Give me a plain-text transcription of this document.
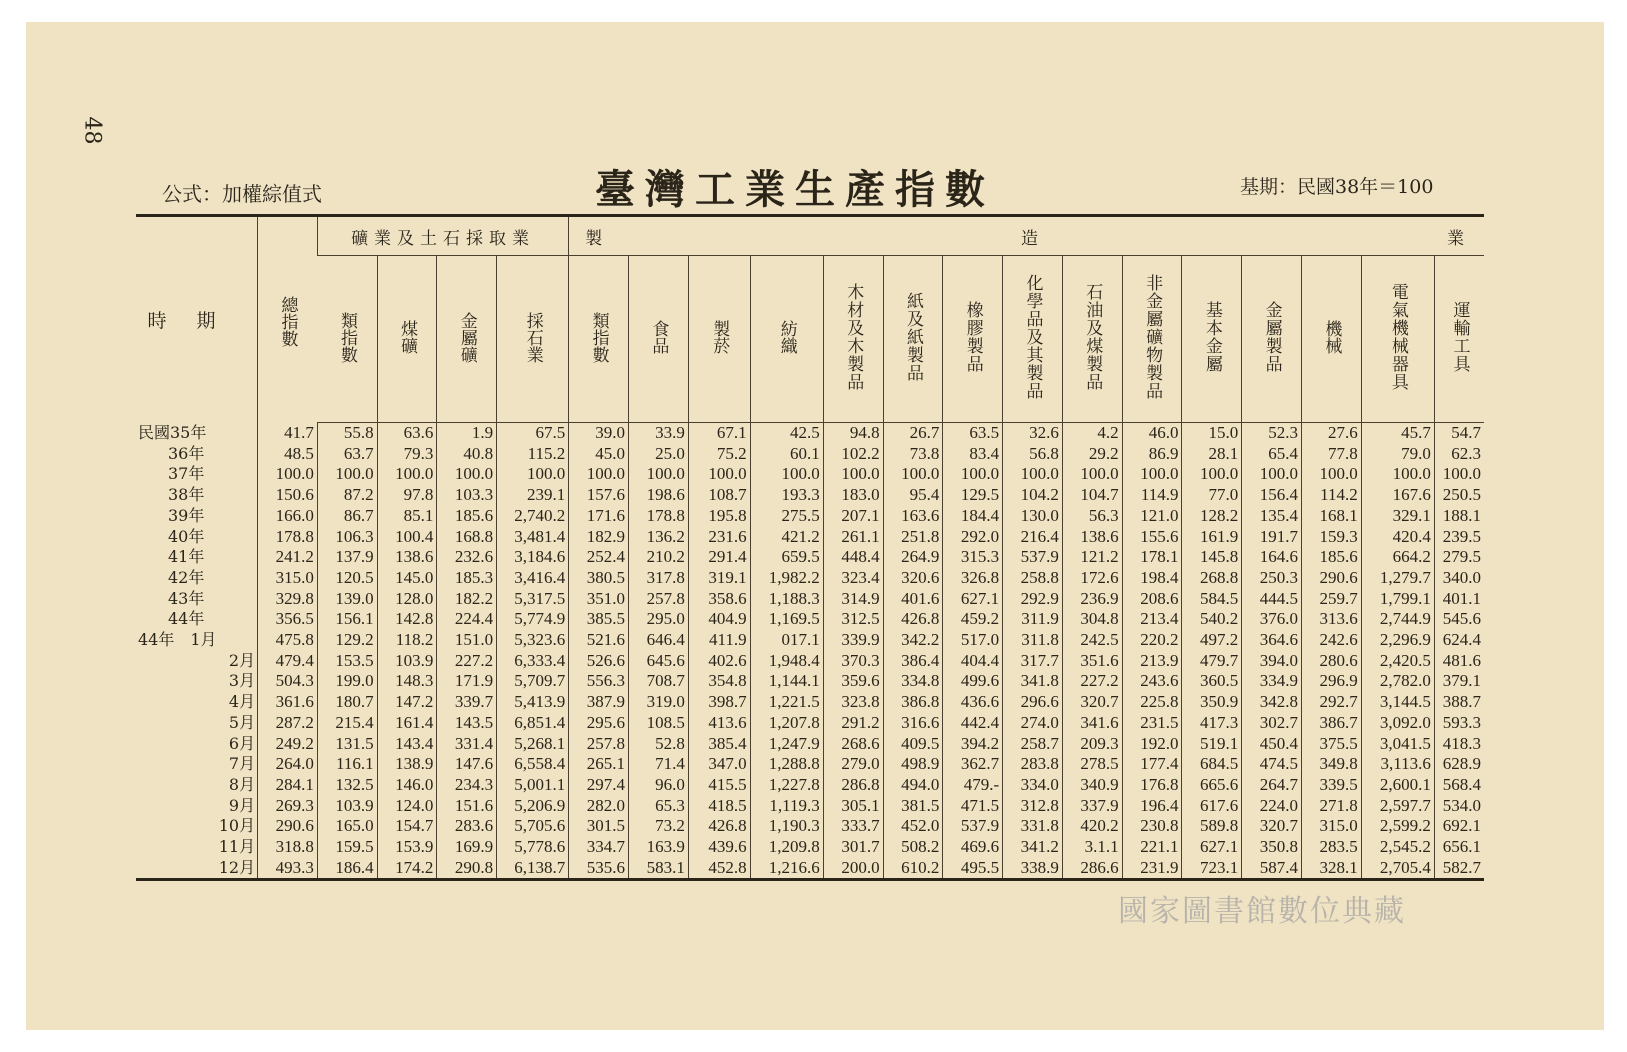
48
公式：加權綜值式	臺灣工業生產指數	基期：民國38年＝100
時期	總指數	礦業及土石採取業				製					造					業				

類指數	煤礦	金屬礦	採石業	類指數	食品	製菸	紡織	木材及木製品	紙及紙製品	橡膠製品	化學品及其製品	石油及煤製品	非金屬礦物製品	基本金屬	金屬製品	機械	電氣機械器具	運輸工具

民國35年	41.7	55.8	63.6	1.9	67.5	39.0	33.9	67.1	42.5	94.8	26.7	63.5	32.6	4.2	46.0	15.0	52.3	27.6	45.7	54.7
36年	48.5	63.7	79.3	40.8	115.2	45.0	25.0	75.2	60.1	102.2	73.8	83.4	56.8	29.2	86.9	28.1	65.4	77.8	79.0	62.3
37年	100.0	100.0	100.0	100.0	100.0	100.0	100.0	100.0	100.0	100.0	100.0	100.0	100.0	100.0	100.0	100.0	100.0	100.0	100.0	100.0
38年	150.6	87.2	97.8	103.3	239.1	157.6	198.6	108.7	193.3	183.0	95.4	129.5	104.2	104.7	114.9	77.0	156.4	114.2	167.6	250.5
39年	166.0	86.7	85.1	185.6	2,740.2	171.6	178.8	195.8	275.5	207.1	163.6	184.4	130.0	56.3	121.0	128.2	135.4	168.1	329.1	188.1
40年	178.8	106.3	100.4	168.8	3,481.4	182.9	136.2	231.6	421.2	261.1	251.8	292.0	216.4	138.6	155.6	161.9	191.7	159.3	420.4	239.5
41年	241.2	137.9	138.6	232.6	3,184.6	252.4	210.2	291.4	659.5	448.4	264.9	315.3	537.9	121.2	178.1	145.8	164.6	185.6	664.2	279.5
42年	315.0	120.5	145.0	185.3	3,416.4	380.5	317.8	319.1	1,982.2	323.4	320.6	326.8	258.8	172.6	198.4	268.8	250.3	290.6	1,279.7	340.0
43年	329.8	139.0	128.0	182.2	5,317.5	351.0	257.8	358.6	1,188.3	314.9	401.6	627.1	292.9	236.9	208.6	584.5	444.5	259.7	1,799.1	401.1
44年	356.5	156.1	142.8	224.4	5,774.9	385.5	295.0	404.9	1,169.5	312.5	426.8	459.2	311.9	304.8	213.4	540.2	376.0	313.6	2,744.9	545.6
44年　1月	475.8	129.2	118.2	151.0	5,323.6	521.6	646.4	411.9	017.1	339.9	342.2	517.0	311.8	242.5	220.2	497.2	364.6	242.6	2,296.9	624.4
2月	479.4	153.5	103.9	227.2	6,333.4	526.6	645.6	402.6	1,948.4	370.3	386.4	404.4	317.7	351.6	213.9	479.7	394.0	280.6	2,420.5	481.6
3月	504.3	199.0	148.3	171.9	5,709.7	556.3	708.7	354.8	1,144.1	359.6	334.8	499.6	341.8	227.2	243.6	360.5	334.9	296.9	2,782.0	379.1
4月	361.6	180.7	147.2	339.7	5,413.9	387.9	319.0	398.7	1,221.5	323.8	386.8	436.6	296.6	320.7	225.8	350.9	342.8	292.7	3,144.5	388.7
5月	287.2	215.4	161.4	143.5	6,851.4	295.6	108.5	413.6	1,207.8	291.2	316.6	442.4	274.0	341.6	231.5	417.3	302.7	386.7	3,092.0	593.3
6月	249.2	131.5	143.4	331.4	5,268.1	257.8	52.8	385.4	1,247.9	268.6	409.5	394.2	258.7	209.3	192.0	519.1	450.4	375.5	3,041.5	418.3
7月	264.0	116.1	138.9	147.6	6,558.4	265.1	71.4	347.0	1,288.8	279.0	498.9	362.7	283.8	278.5	177.4	684.5	474.5	349.8	3,113.6	628.9
8月	284.1	132.5	146.0	234.3	5,001.1	297.4	96.0	415.5	1,227.8	286.8	494.0	479.-	334.0	340.9	176.8	665.6	264.7	339.5	2,600.1	568.4
9月	269.3	103.9	124.0	151.6	5,206.9	282.0	65.3	418.5	1,119.3	305.1	381.5	471.5	312.8	337.9	196.4	617.6	224.0	271.8	2,597.7	534.0
10月	290.6	165.0	154.7	283.6	5,705.6	301.5	73.2	426.8	1,190.3	333.7	452.0	537.9	331.8	420.2	230.8	589.8	320.7	315.0	2,599.2	692.1
11月	318.8	159.5	153.9	169.9	5,778.6	334.7	163.9	439.6	1,209.8	301.7	508.2	469.6	341.2	3.1.1	221.1	627.1	350.8	283.5	2,545.2	656.1
12月	493.3	186.4	174.2	290.8	6,138.7	535.6	583.1	452.8	1,216.6	200.0	610.2	495.5	338.9	286.6	231.9	723.1	587.4	328.1	2,705.4	582.7
國家圖書館數位典藏
